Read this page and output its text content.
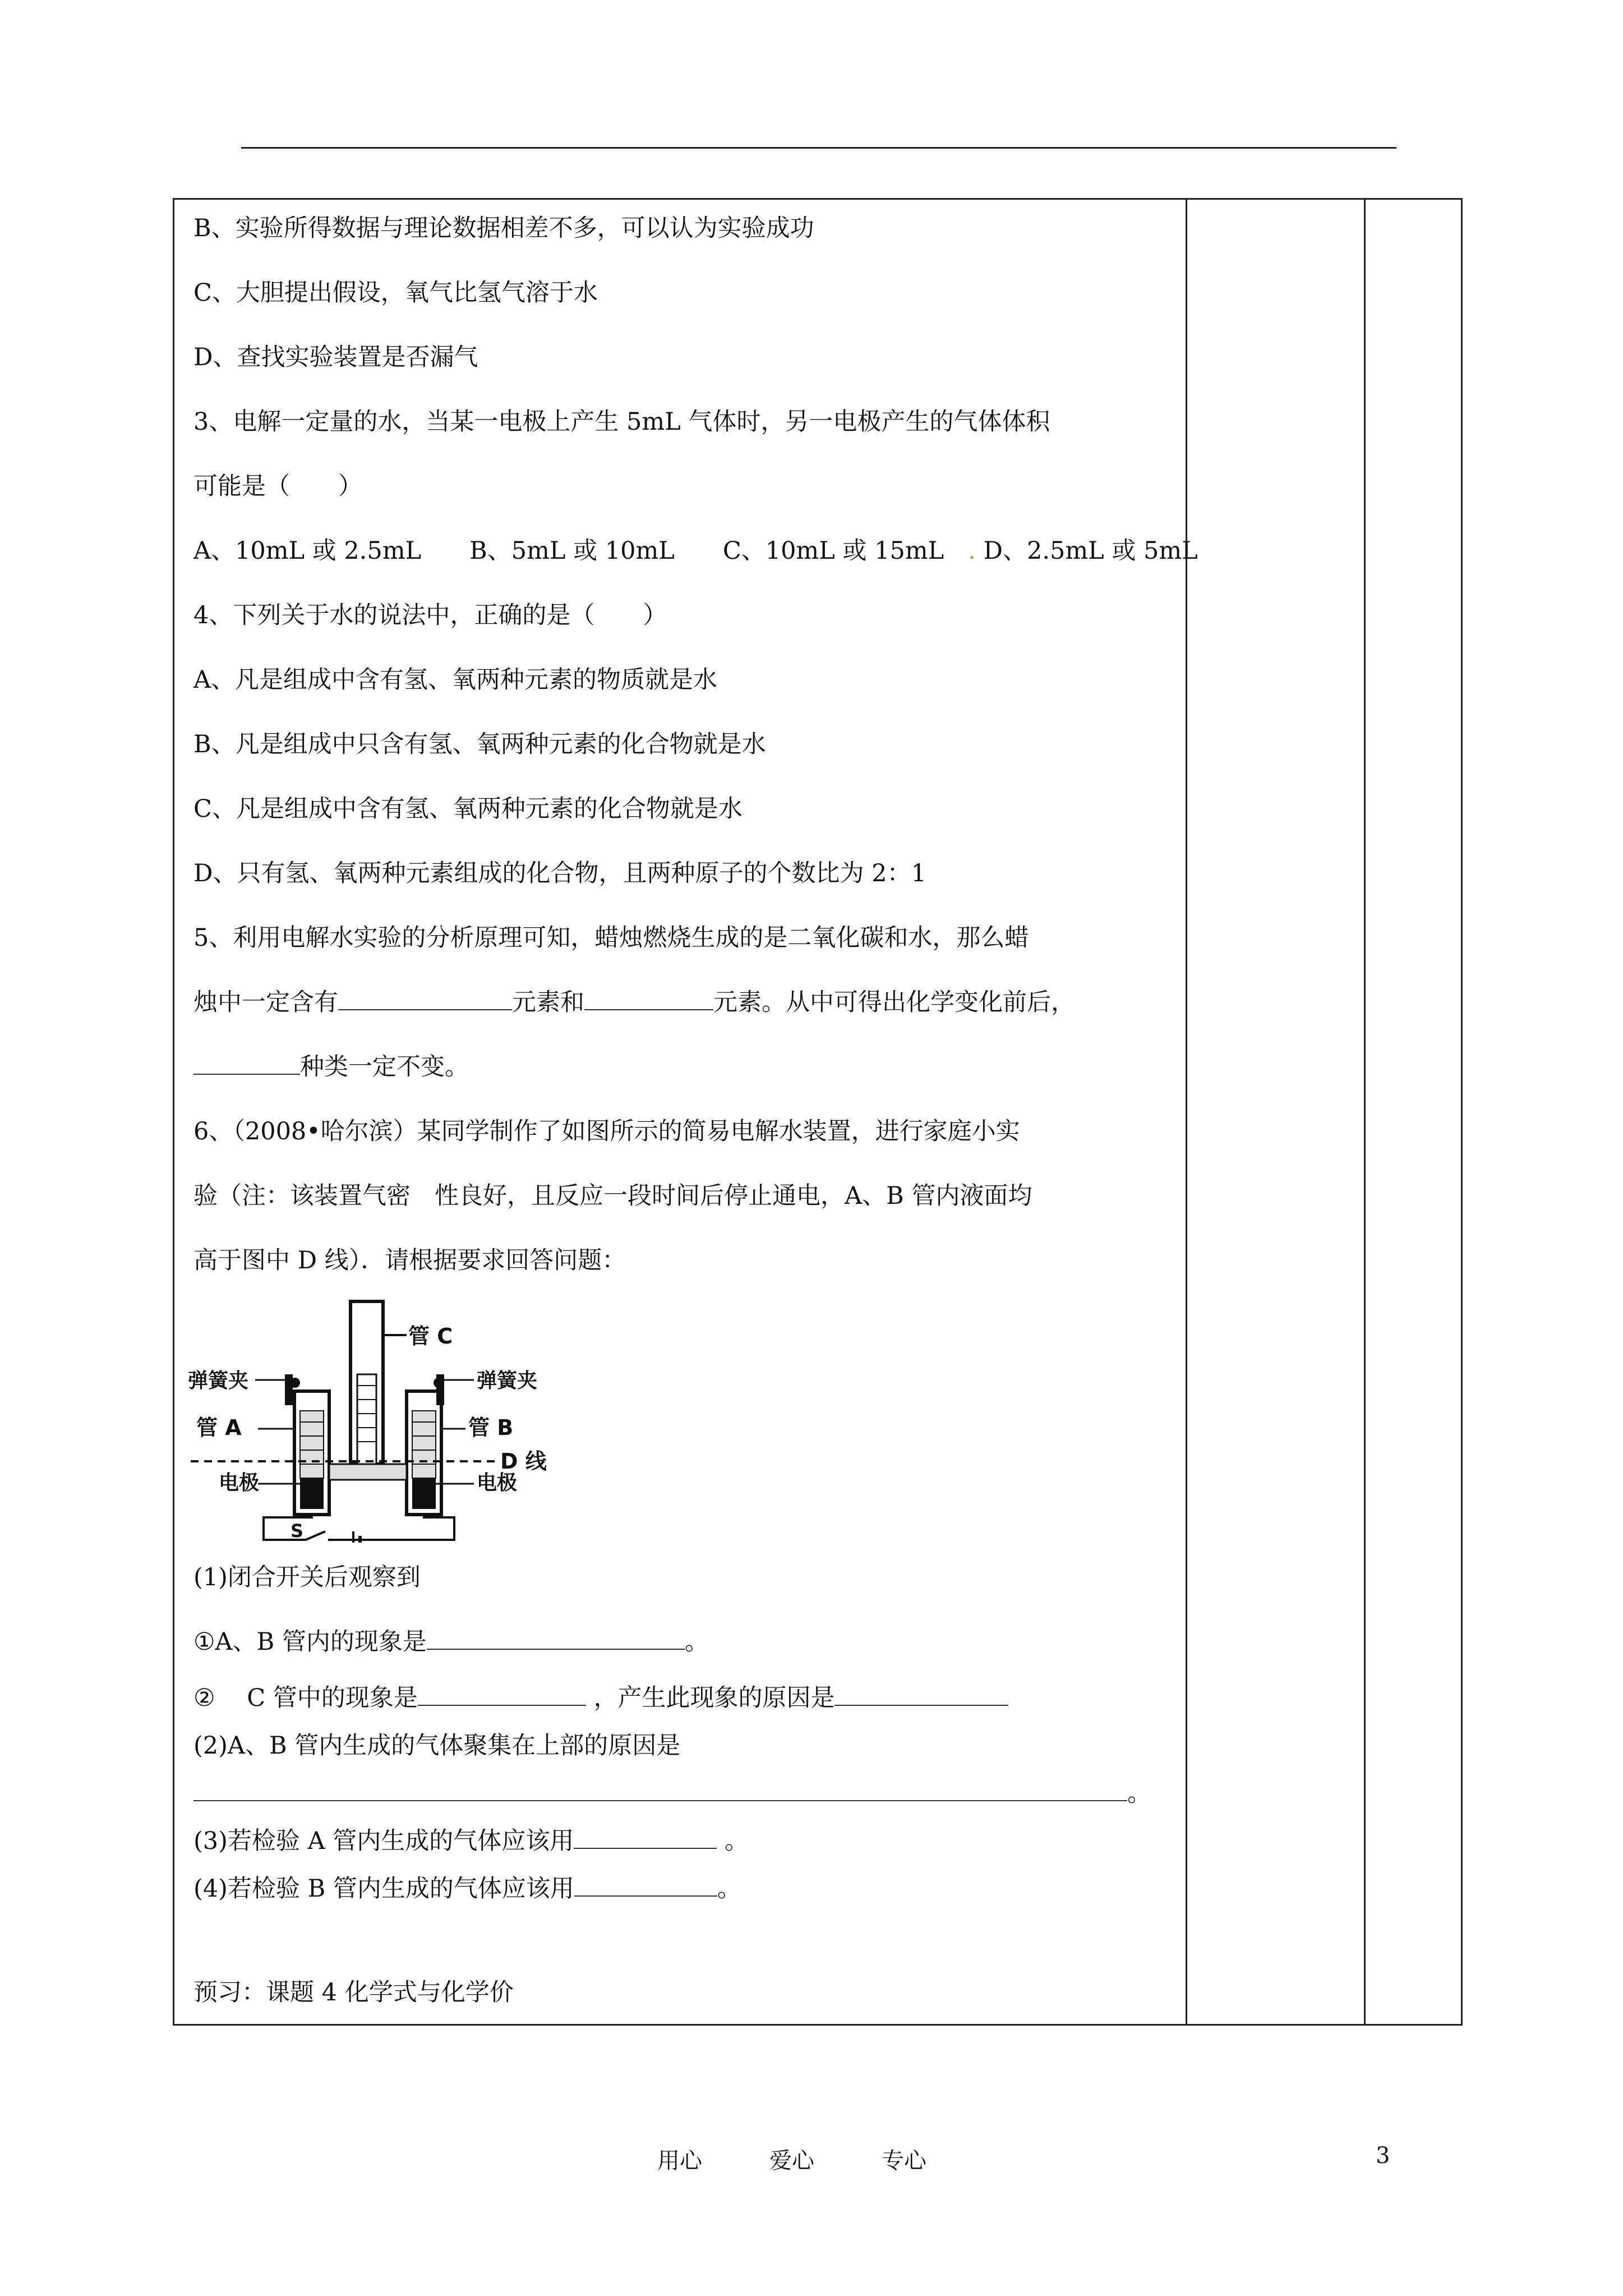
B、实验所得数据与理论数据相差不多，可以认为实验成功
C、大胆提出假设，氧气比氢气溶于水
D、查找实验装置是否漏气
3、电解一定量的水，当某一电极上产生 5mL 气体时，另一电极产生的气体体积
可能是（　　）
A、10mL 或 2.5mL　　B、5mL 或 10mL　　C、10mL 或 15mL　. D、2.5mL 或 5mL
4、下列关于水的说法中，正确的是（　　）
A、凡是组成中含有氢、氧两种元素的物质就是水
B、凡是组成中只含有氢、氧两种元素的化合物就是水
C、凡是组成中含有氢、氧两种元素的化合物就是水
D、只有氢、氧两种元素组成的化合物，且两种原子的个数比为 2：1
5、利用电解水实验的分析原理可知，蜡烛燃烧生成的是二氧化碳和水，那么蜡
烛中一定含有	元素和	元素。从中可得出化学变化前后，
种类一定不变。
6、（2008•哈尔滨）某同学制作了如图所示的简易电解水装置，进行家庭小实
验（注：该装置气密　性良好，且反应一段时间后停止通电，A、B 管内液面均
高于图中 D 线）．请根据要求回答问题：
(1)闭合开关后观察到
①A、B 管内的现象是	。
②　 C 管中的现象是	，产生此现象的原因是
(2)A、B 管内生成的气体聚集在上部的原因是
。
(3)若检验 A 管内生成的气体应该用	。
(4)若检验 B 管内生成的气体应该用	。
预习：课题 4 化学式与化学价
管 C
D 线
弹簧夹
管 A
电极
弹簧夹
管 B
电极
S
用心	爱心	专心	3
